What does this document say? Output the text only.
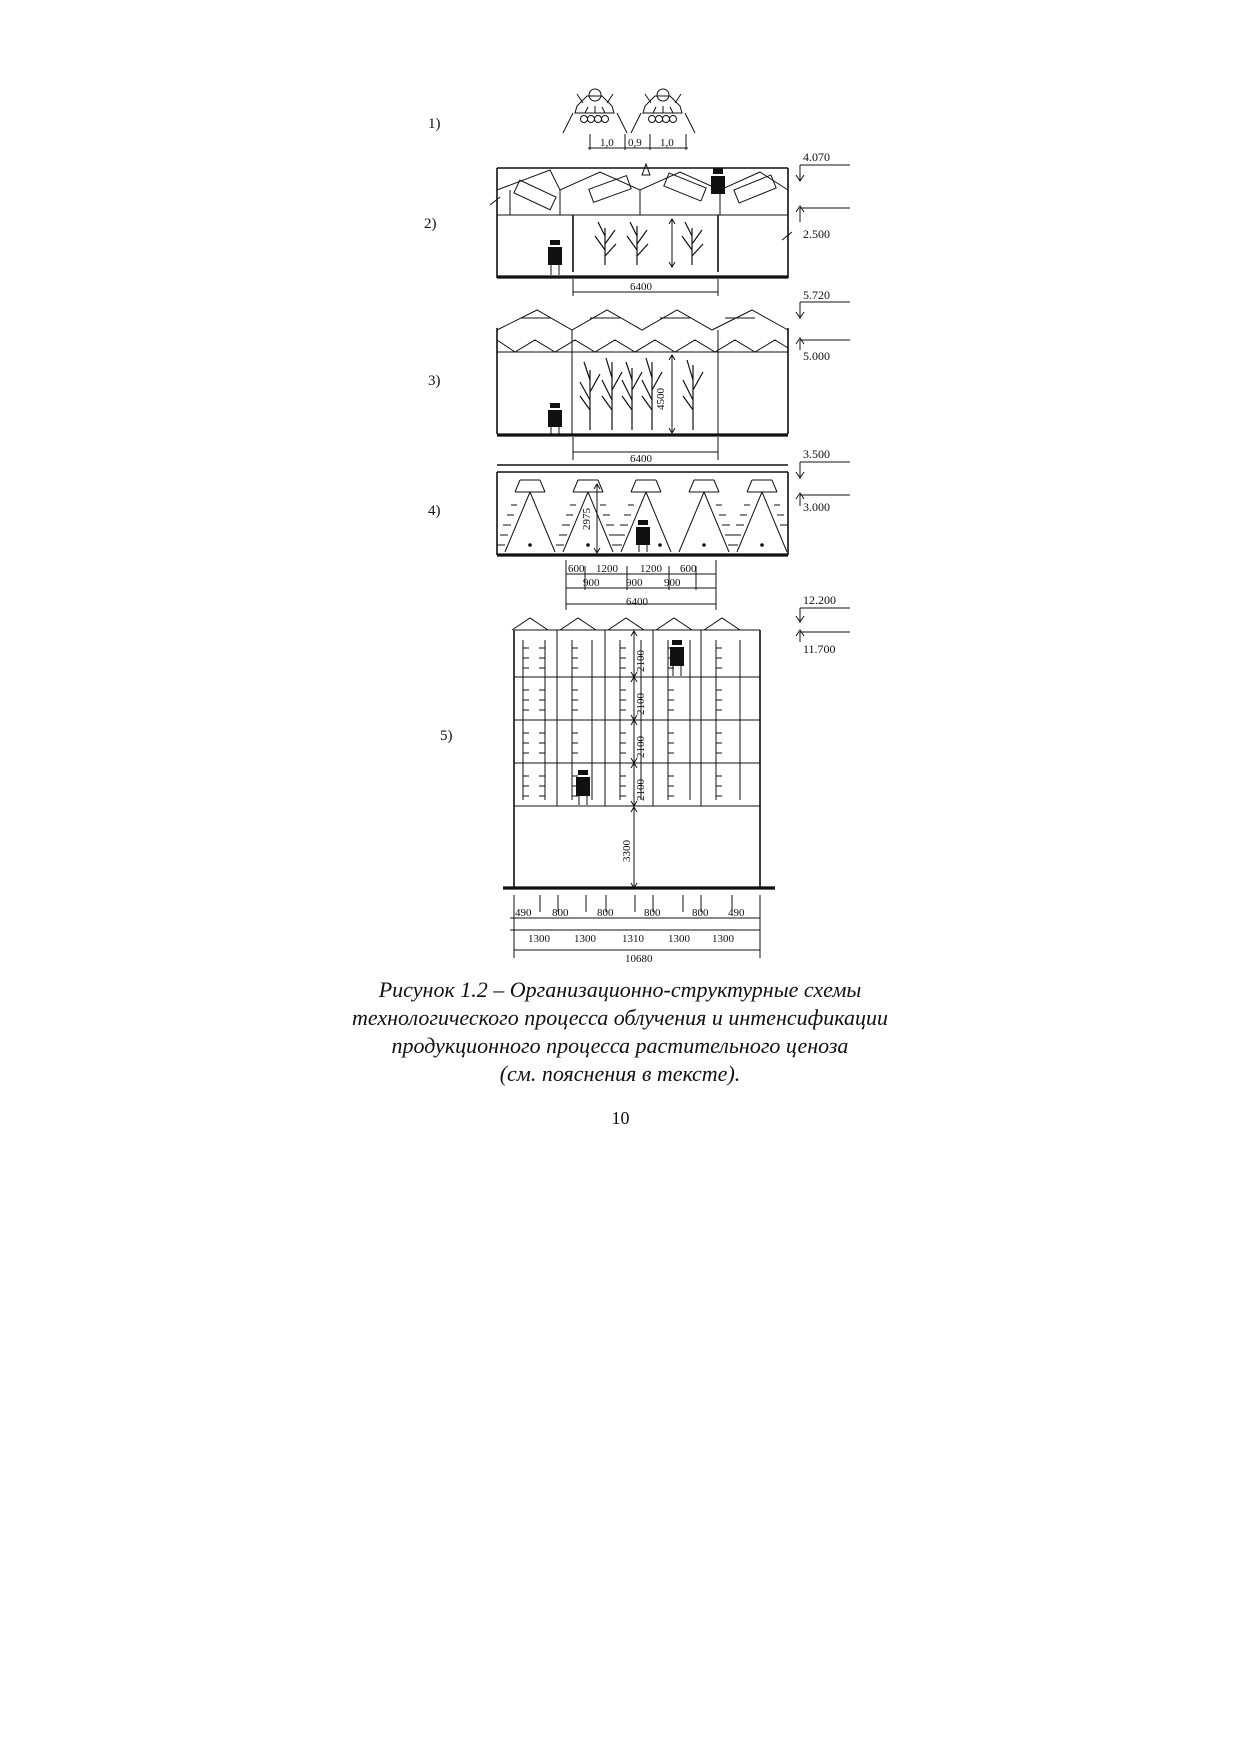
1)
1,0 0,9 1,0
2)
6400
4.070
2.500
3)
4500
6400
5.720
5.000
4)	2975
600 1200 1200 600
900 900 900
6400
3.500
3.000
5)
2100
2100
2100
2100
3300
490 800	800	800	800 490
1300 1300 1310 1300 1300
10680
12.200
11.700
Рисунок 1.2 – Организационно-структурные схемы
технологического процесса облучения и интенсификации
продукционного процесса растительного ценоза
(см. пояснения в тексте).
10
